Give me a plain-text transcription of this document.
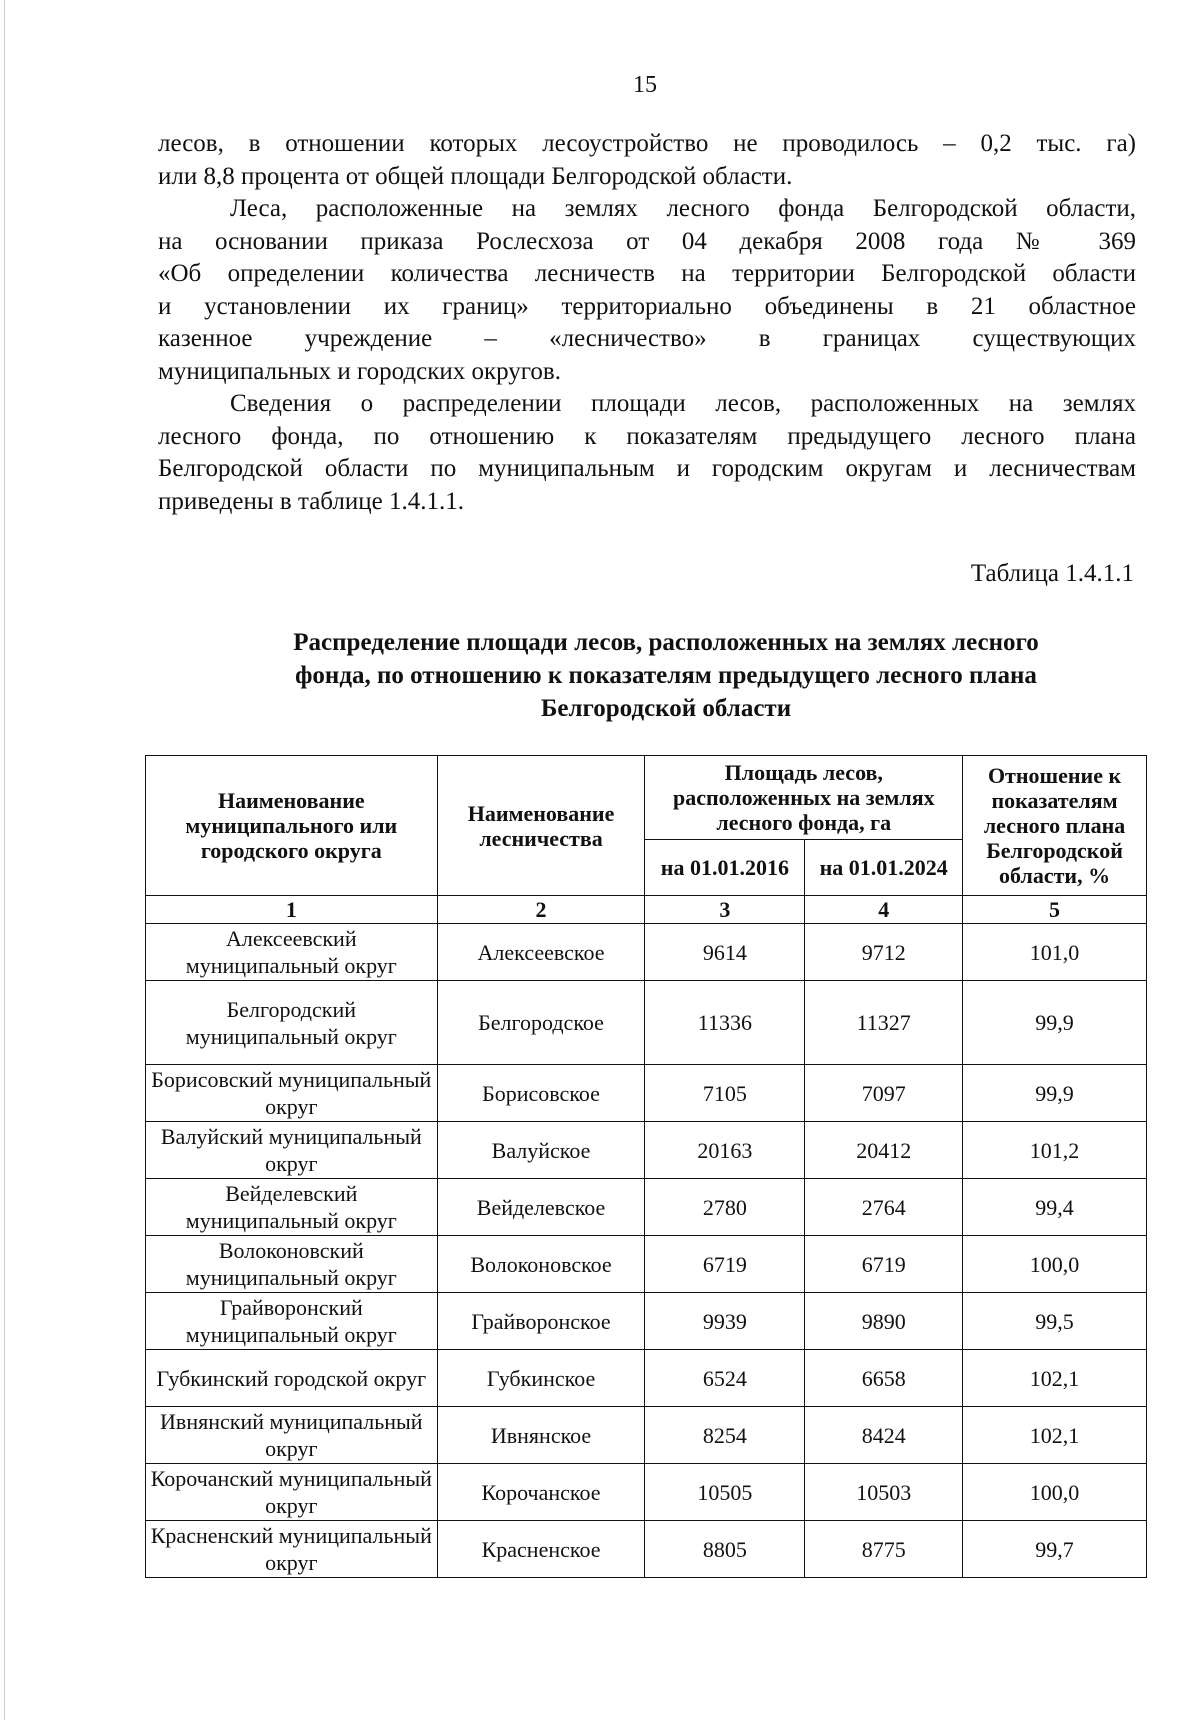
15
лесов, в отношении которых лесоустройство не проводилось – 0,2 тыс. га)
или 8,8 процента от общей площади Белгородской области.
Леса, расположенные на землях лесного фонда Белгородской области,
на основании приказа Рослесхоза от 04 декабря 2008 года № 369
«Об определении количества лесничеств на территории Белгородской области
и установлении их границ» территориально объединены в 21 областное
казенное учреждение – «лесничество» в границах существующих
муниципальных и городских округов.
Сведения о распределении площади лесов, расположенных на землях
лесного фонда, по отношению к показателям предыдущего лесного плана
Белгородской области по муниципальным и городским округам и лесничествам
приведены в таблице 1.4.1.1.
Таблица 1.4.1.1
Распределение площади лесов, расположенных на землях лесного
фонда, по отношению к показателям предыдущего лесного плана
Белгородской области
Наименование муниципального или городского округа	Наименование лесничества	Площадь лесов, расположенных на землях лесного фонда, га		Отношение к показателям лесного плана Белгородской области, %
		на 01.01.2016	на 01.01.2024	
1	2	3	4	5
Алексеевский муниципальный округ	Алексеевское	9614	9712	101,0
Белгородский муниципальный округ	Белгородское	11336	11327	99,9
Борисовский муниципальный округ	Борисовское	7105	7097	99,9
Валуйский муниципальный округ	Валуйское	20163	20412	101,2
Вейделевский муниципальный округ	Вейделевское	2780	2764	99,4
Волоконовский муниципальный округ	Волоконовское	6719	6719	100,0
Грайворонский муниципальный округ	Грайворонское	9939	9890	99,5
Губкинский городской округ	Губкинское	6524	6658	102,1
Ивнянский муниципальный округ	Ивнянское	8254	8424	102,1
Корочанский муниципальный округ	Корочанское	10505	10503	100,0
Красненский муниципальный округ	Красненское	8805	8775	99,7
